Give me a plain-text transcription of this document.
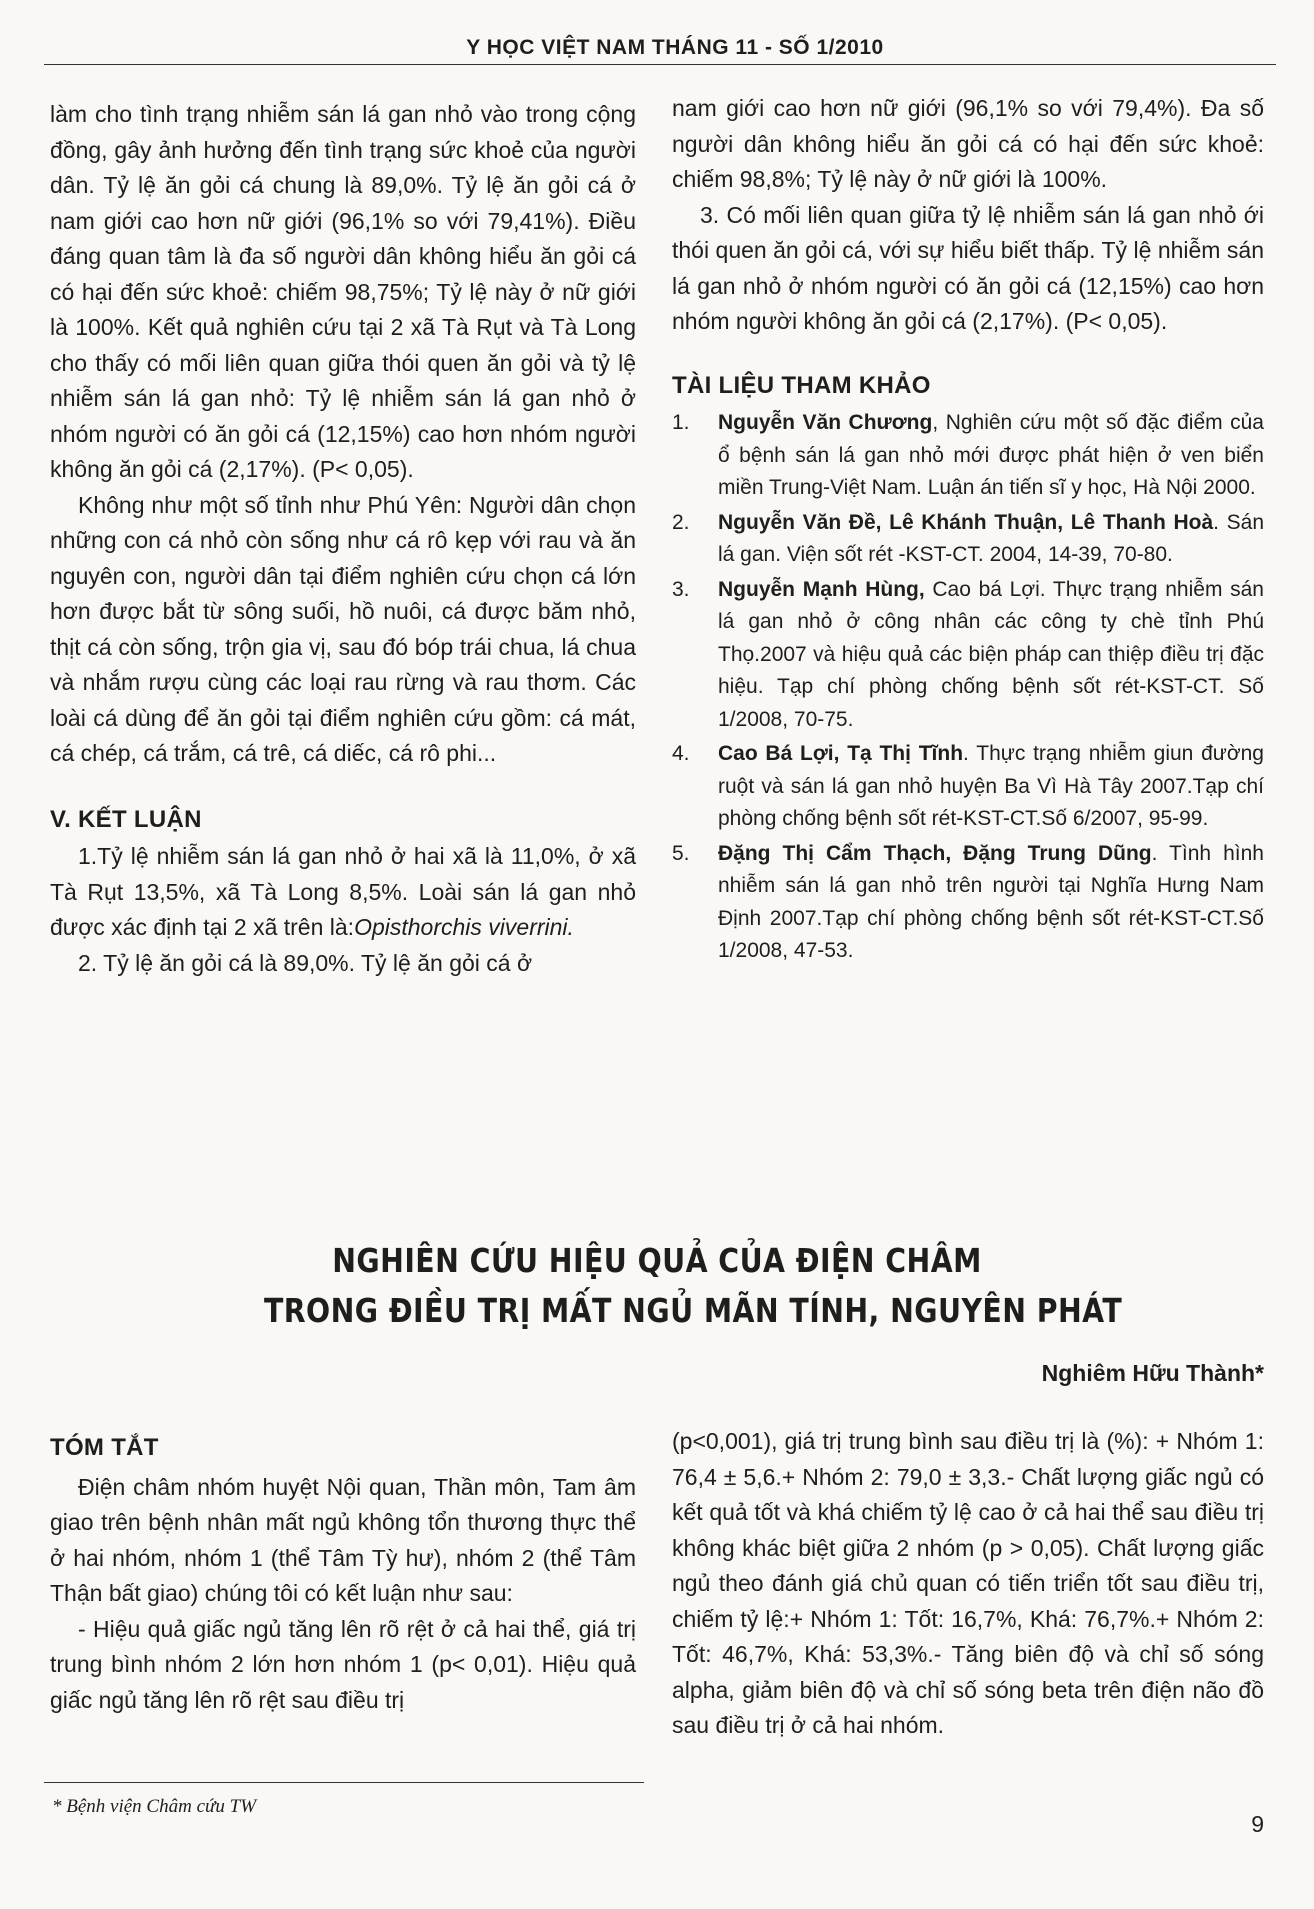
Y HỌC VIỆT NAM THÁNG 11 - SỐ 1/2010

làm cho tình trạng nhiễm sán lá gan nhỏ vào trong cộng đồng, gây ảnh hưởng đến tình trạng sức khoẻ của người dân. Tỷ lệ ăn gỏi cá chung là 89,0%. Tỷ lệ ăn gỏi cá ở nam giới cao hơn nữ giới (96,1% so với 79,41%). Điều đáng quan tâm là đa số người dân không hiểu ăn gỏi cá có hại đến sức khoẻ: chiếm 98,75%; Tỷ lệ này ở nữ giới là 100%. Kết quả nghiên cứu tại 2 xã Tà Rụt và Tà Long cho thấy có mối liên quan giữa thói quen ăn gỏi và tỷ lệ nhiễm sán lá gan nhỏ: Tỷ lệ nhiễm sán lá gan nhỏ ở nhóm người có ăn gỏi cá (12,15%) cao hơn nhóm người không ăn gỏi cá (2,17%). (P< 0,05).

Không như một số tỉnh như Phú Yên: Người dân chọn những con cá nhỏ còn sống như cá rô kẹp với rau và ăn nguyên con, người dân tại điểm nghiên cứu chọn cá lớn hơn được bắt từ sông suối, hồ nuôi, cá được băm nhỏ, thịt cá còn sống, trộn gia vị, sau đó bóp trái chua, lá chua và nhắm rượu cùng các loại rau rừng và rau thơm. Các loài cá dùng để ăn gỏi tại điểm nghiên cứu gồm: cá mát, cá chép, cá trắm, cá trê, cá diếc, cá rô phi...

V. KẾT LUẬN

1.Tỷ lệ nhiễm sán lá gan nhỏ ở hai xã là 11,0%, ở xã Tà Rụt 13,5%, xã Tà Long 8,5%. Loài sán lá gan nhỏ được xác định tại 2 xã trên là:Opisthorchis viverrini.

2. Tỷ lệ ăn gỏi cá là 89,0%. Tỷ lệ ăn gỏi cá ở

nam giới cao hơn nữ giới (96,1% so với 79,4%). Đa số người dân không hiểu ăn gỏi cá có hại đến sức khoẻ: chiếm 98,8%; Tỷ lệ này ở nữ giới là 100%.

3. Có mối liên quan giữa tỷ lệ nhiễm sán lá gan nhỏ ới thói quen ăn gỏi cá, với sự hiểu biết thấp. Tỷ lệ nhiễm sán lá gan nhỏ ở nhóm người có ăn gỏi cá (12,15%) cao hơn nhóm người không ăn gỏi cá (2,17%). (P< 0,05).

TÀI LIỆU THAM KHẢO
1. Nguyễn Văn Chương, Nghiên cứu một số đặc điểm của ổ bệnh sán lá gan nhỏ mới được phát hiện ở ven biển miền Trung-Việt Nam. Luận án tiến sĩ y học, Hà Nội 2000.
2. Nguyễn Văn Đề, Lê Khánh Thuận, Lê Thanh Hoà. Sán lá gan. Viện sốt rét -KST-CT. 2004, 14-39, 70-80.
3. Nguyễn Mạnh Hùng, Cao bá Lợi. Thực trạng nhiễm sán lá gan nhỏ ở công nhân các công ty chè tỉnh Phú Thọ.2007 và hiệu quả các biện pháp can thiệp điều trị đặc hiệu. Tạp chí phòng chống bệnh sốt rét-KST-CT. Số 1/2008, 70-75.
4. Cao Bá Lợi, Tạ Thị Tĩnh. Thực trạng nhiễm giun đường ruột và sán lá gan nhỏ huyện Ba Vì Hà Tây 2007.Tạp chí phòng chống bệnh sốt rét-KST-CT.Số 6/2007, 95-99.
5. Đặng Thị Cẩm Thạch, Đặng Trung Dũng. Tình hình nhiễm sán lá gan nhỏ trên người tại Nghĩa Hưng Nam Định 2007.Tạp chí phòng chống bệnh sốt rét-KST-CT.Số 1/2008, 47-53.
NGHIÊN CỨU HIỆU QUẢ CỦA ĐIỆN CHÂM
TRONG ĐIỀU TRỊ MẤT NGỦ MÃN TÍNH, NGUYÊN PHÁT
Nghiêm Hữu Thành*
TÓM TẮT

Điện châm nhóm huyệt Nội quan, Thần môn, Tam âm giao trên bệnh nhân mất ngủ không tổn thương thực thể ở hai nhóm, nhóm 1 (thể Tâm Tỳ hư), nhóm 2 (thể Tâm Thận bất giao) chúng tôi có kết luận như sau:

- Hiệu quả giấc ngủ tăng lên rõ rệt ở cả hai thể, giá trị trung bình nhóm 2 lớn hơn nhóm 1 (p< 0,01). Hiệu quả giấc ngủ tăng lên rõ rệt sau điều trị

(p<0,001), giá trị trung bình sau điều trị là (%): + Nhóm 1: 76,4 ± 5,6.+ Nhóm 2: 79,0 ± 3,3.- Chất lượng giấc ngủ có kết quả tốt và khá chiếm tỷ lệ cao ở cả hai thể sau điều trị không khác biệt giữa 2 nhóm (p > 0,05). Chất lượng giấc ngủ theo đánh giá chủ quan có tiến triển tốt sau điều trị, chiếm tỷ lệ:+ Nhóm 1: Tốt: 16,7%, Khá: 76,7%.+ Nhóm 2: Tốt: 46,7%, Khá: 53,3%.- Tăng biên độ và chỉ số sóng alpha, giảm biên độ và chỉ số sóng beta trên điện não đồ sau điều trị ở cả hai nhóm.

* Bệnh viện Châm cứu TW
9
